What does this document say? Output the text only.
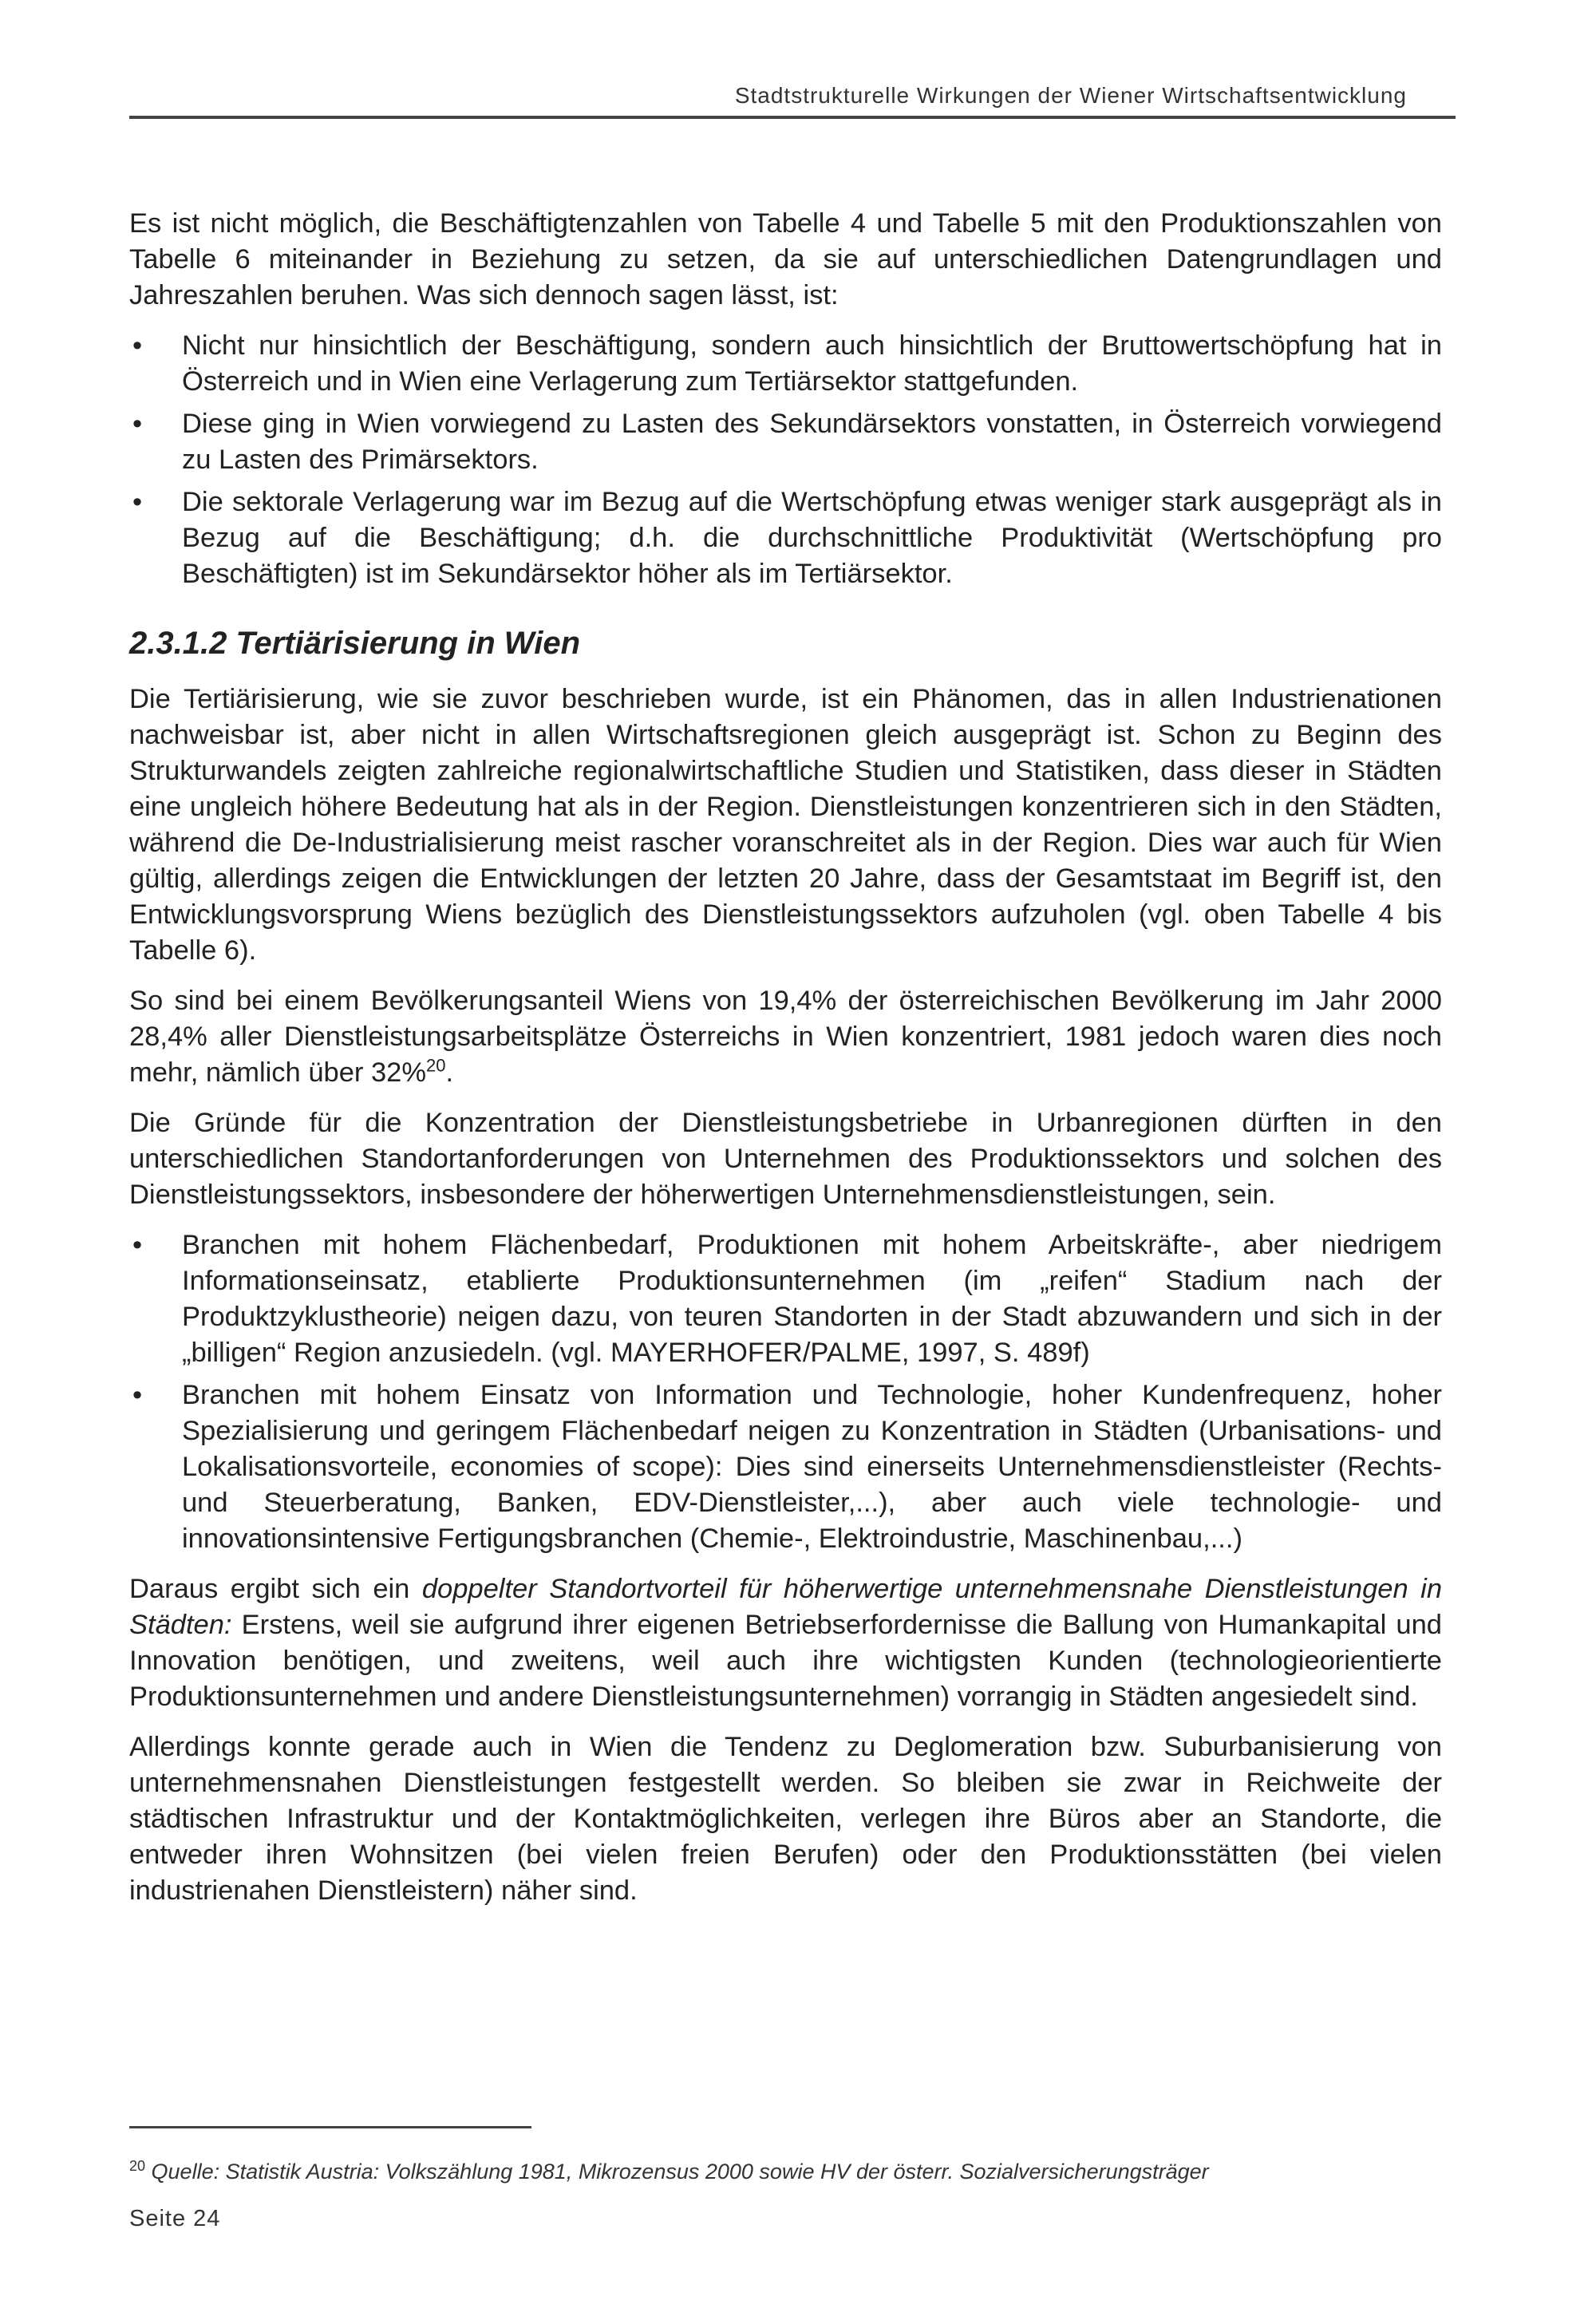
Stadtstrukturelle Wirkungen der Wiener Wirtschaftsentwicklung

Es ist nicht möglich, die Beschäftigtenzahlen von Tabelle 4 und Tabelle 5 mit den Produktionszahlen von Tabelle 6 miteinander in Beziehung zu setzen, da sie auf unterschiedlichen Datengrundlagen und Jahreszahlen beruhen. Was sich dennoch sagen lässt, ist:

• Nicht nur hinsichtlich der Beschäftigung, sondern auch hinsichtlich der Bruttowertschöpfung hat in Österreich und in Wien eine Verlagerung zum Tertiärsektor stattgefunden.
• Diese ging in Wien vorwiegend zu Lasten des Sekundärsektors vonstatten, in Österreich vorwiegend zu Lasten des Primärsektors.
• Die sektorale Verlagerung war im Bezug auf die Wertschöpfung etwas weniger stark ausgeprägt als in Bezug auf die Beschäftigung; d.h. die durchschnittliche Produktivität (Wertschöpfung pro Beschäftigten) ist im Sekundärsektor höher als im Tertiärsektor.
2.3.1.2 Tertiärisierung in Wien

Die Tertiärisierung, wie sie zuvor beschrieben wurde, ist ein Phänomen, das in allen Industrienationen nachweisbar ist, aber nicht in allen Wirtschaftsregionen gleich ausgeprägt ist. Schon zu Beginn des Strukturwandels zeigten zahlreiche regionalwirtschaftliche Studien und Statistiken, dass dieser in Städten eine ungleich höhere Bedeutung hat als in der Region. Dienstleistungen konzentrieren sich in den Städten, während die De-Industrialisierung meist rascher voranschreitet als in der Region. Dies war auch für Wien gültig, allerdings zeigen die Entwicklungen der letzten 20 Jahre, dass der Gesamtstaat im Begriff ist, den Entwicklungsvorsprung Wiens bezüglich des Dienstleistungssektors aufzuholen (vgl. oben Tabelle 4 bis Tabelle 6).

So sind bei einem Bevölkerungsanteil Wiens von 19,4% der österreichischen Bevölkerung im Jahr 2000 28,4% aller Dienstleistungsarbeitsplätze Österreichs in Wien konzentriert, 1981 jedoch waren dies noch mehr, nämlich über 32%$^{20}$.

Die Gründe für die Konzentration der Dienstleistungsbetriebe in Urbanregionen dürften in den unterschiedlichen Standortanforderungen von Unternehmen des Produktionssektors und solchen des Dienstleistungssektors, insbesondere der höherwertigen Unternehmensdienstleistungen, sein.

• Branchen mit hohem Flächenbedarf, Produktionen mit hohem Arbeitskräfte-, aber niedrigem Informationseinsatz, etablierte Produktionsunternehmen (im „reifen“ Stadium nach der Produktzyklustheorie) neigen dazu, von teuren Standorten in der Stadt abzuwandern und sich in der „billigen“ Region anzusiedeln. (vgl. MAYERHOFER/PALME, 1997, S. 489f)
• Branchen mit hohem Einsatz von Information und Technologie, hoher Kundenfrequenz, hoher Spezialisierung und geringem Flächenbedarf neigen zu Konzentration in Städten (Urbanisations- und Lokalisationsvorteile, economies of scope): Dies sind einerseits Unternehmensdienstleister (Rechts- und Steuerberatung, Banken, EDV-Dienstleister,...), aber auch viele technologie- und innovationsintensive Fertigungsbranchen (Chemie-, Elektroindustrie, Maschinenbau,...)

Daraus ergibt sich ein doppelter Standortvorteil für höherwertige unternehmensnahe Dienstleistungen in Städten: Erstens, weil sie aufgrund ihrer eigenen Betriebserfordernisse die Ballung von Humankapital und Innovation benötigen, und zweitens, weil auch ihre wichtigsten Kunden (technologieorientierte Produktionsunternehmen und andere Dienstleistungsunternehmen) vorrangig in Städten angesiedelt sind.

Allerdings konnte gerade auch in Wien die Tendenz zu Deglomeration bzw. Suburbanisierung von unternehmensnahen Dienstleistungen festgestellt werden. So bleiben sie zwar in Reichweite der städtischen Infrastruktur und der Kontaktmöglichkeiten, verlegen ihre Büros aber an Standorte, die entweder ihren Wohnsitzen (bei vielen freien Berufen) oder den Produktionsstätten (bei vielen industrienahen Dienstleistern) näher sind.

$^{20}$ Quelle: Statistik Austria: Volkszählung 1981, Mikrozensus 2000 sowie HV der österr. Sozialversicherungsträger
Seite 24
